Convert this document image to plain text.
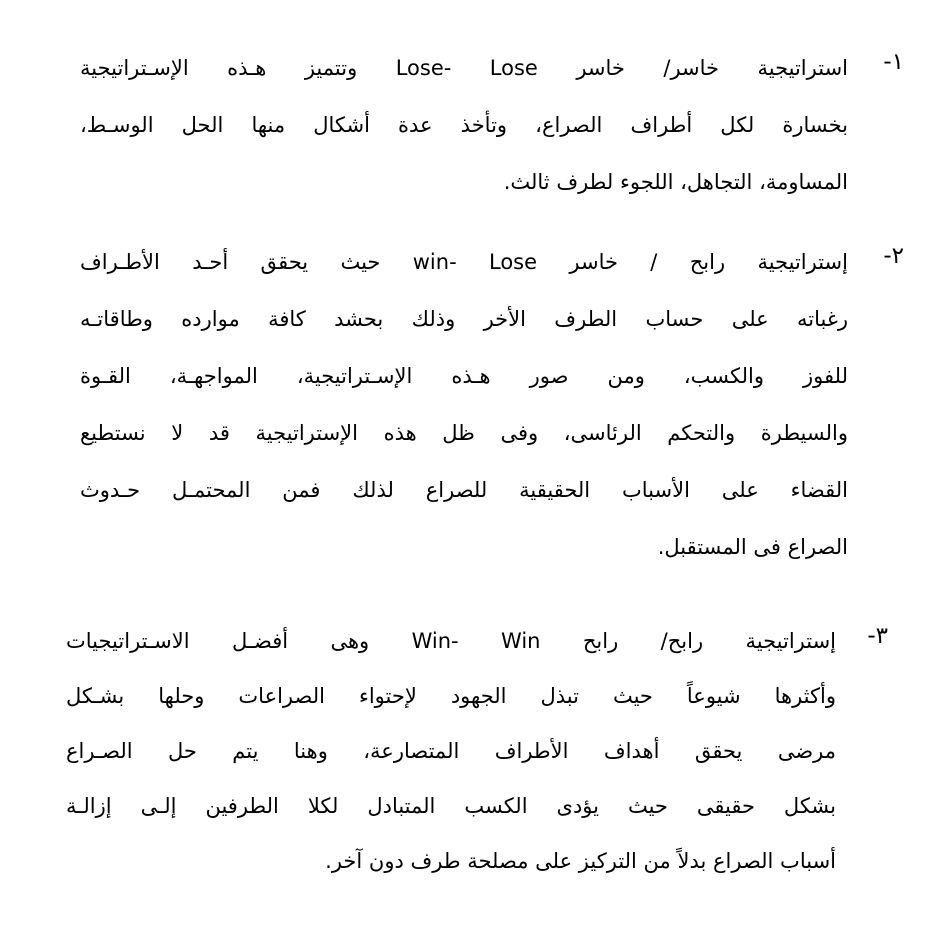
١-
استراتيجية خاسر/ خاسر Lose- Lose وتتميز هـذه الإسـتراتيجية
بخسارة لكل أطراف الصراع، وتأخذ عدة أشكال منها الحل الوسـط،
المساومة، التجاهل، اللجوء لطرف ثالث.
٢-
إستراتيجية رابح / خاسر win- Lose حيث يحقق أحـد الأطـراف
رغباته على حساب الطرف الأخر وذلك بحشد كافة موارده وطاقاتـه
للفوز والكسب، ومن صور هـذه الإسـتراتيجية، المواجهـة، القـوة
والسيطرة والتحكم الرئاسى، وفى ظل هذه الإستراتيجية قد لا نستطيع
القضاء على الأسباب الحقيقية للصراع لذلك فمن المحتمـل حـدوث
الصراع فى المستقبل.
٣-
إستراتيجية رابح/ رابح Win- Win وهى أفضـل الاسـتراتيجيات
وأكثرها شيوعاً حيث تبذل الجهود لإحتواء الصراعات وحلها بشـكل
مرضى يحقق أهداف الأطراف المتصارعة، وهنا يتم حل الصـراع
بشكل حقيقى حيث يؤدى الكسب المتبادل لكلا الطرفين إلـى إزالـة
أسباب الصراع بدلاً من التركيز على مصلحة طرف دون آخر.
